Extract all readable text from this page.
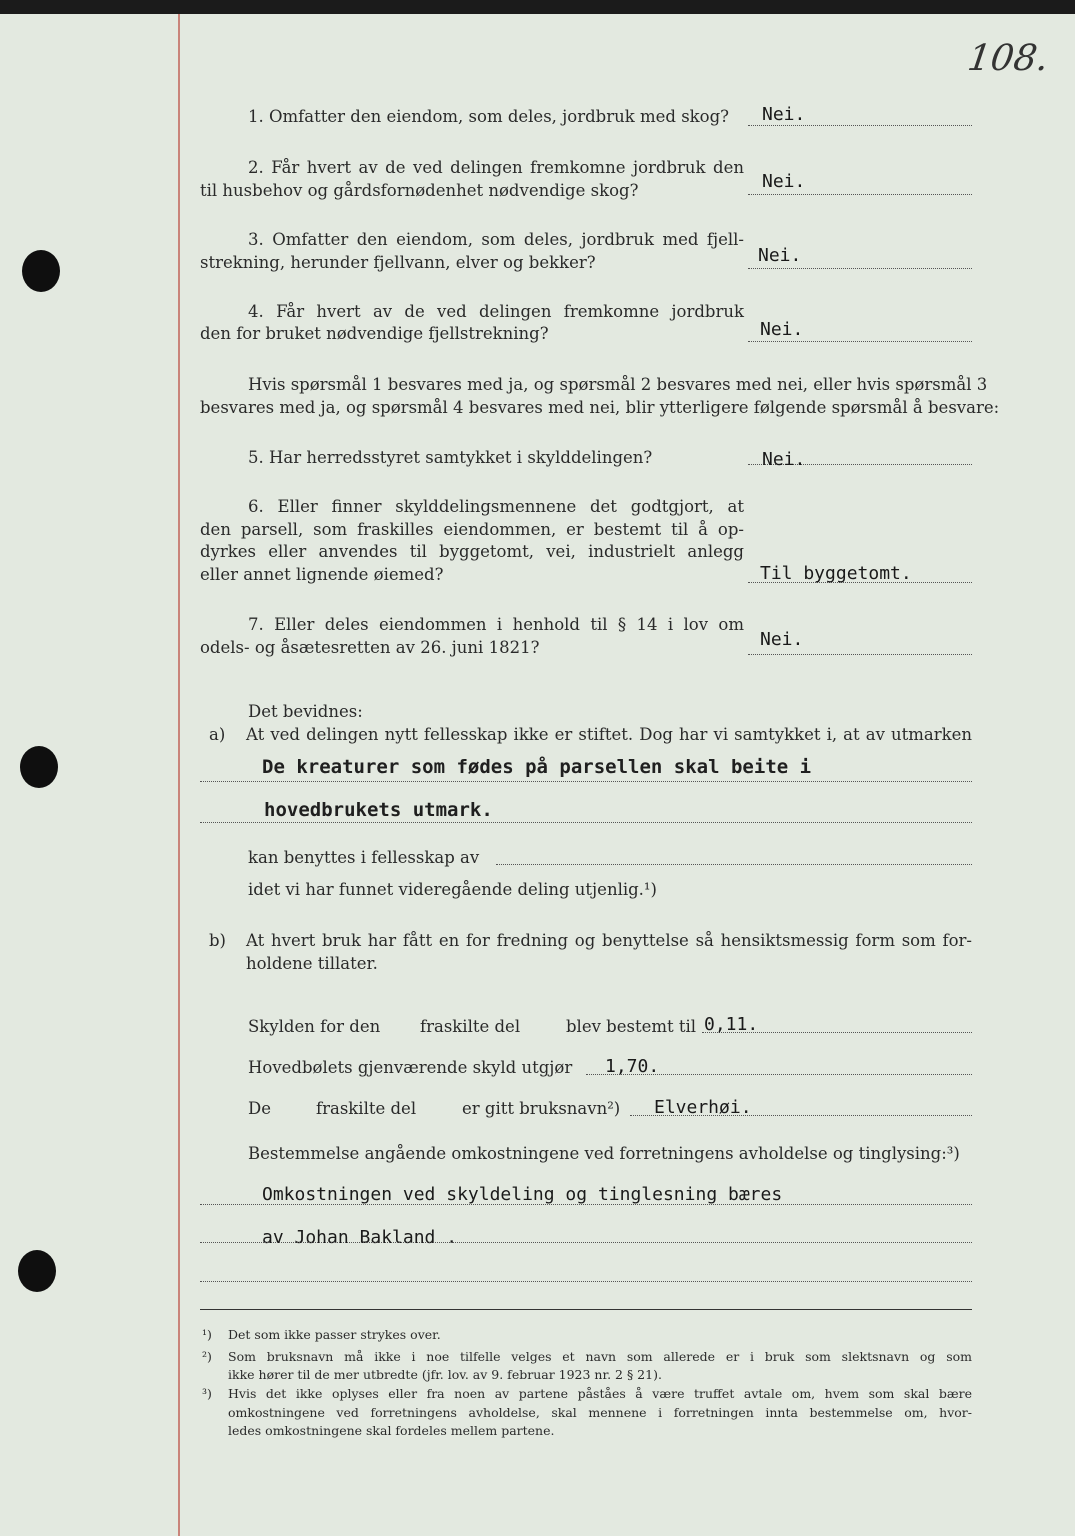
108.
1. Omfatter den eiendom, som deles, jordbruk med skog? Nei.
2. Får hvert av de ved delingen fremkomne jordbruk den
til husbehov og gårdsfornødenhet nødvendige skog?	Nei.
3. Omfatter den eiendom, som deles, jordbruk med fjell-
strekning, herunder fjellvann, elver og bekker?	Nei.
4. Får hvert av de ved delingen fremkomne jordbruk
den for bruket nødvendige fjellstrekning?	Nei.
Hvis spørsmål 1 besvares med ja, og spørsmål 2 besvares med nei, eller hvis spørsmål 3
besvares med ja, og spørsmål 4 besvares med nei, blir ytterligere følgende spørsmål å besvare:
5. Har herredsstyret samtykket i skylddelingen?	Nei.
6. Eller finner skylddelingsmennene det godtgjort, at
den parsell, som fraskilles eiendommen, er bestemt til å op-
dyrkes eller anvendes til byggetomt, vei, industrielt anlegg
eller annet lignende øiemed?	Til byggetomt.
7. Eller deles eiendommen i henhold til § 14 i lov om
odels- og åsætesretten av 26. juni 1821?	Nei.
Det bevidnes:
a) At ved delingen nytt fellesskap ikke er stiftet. Dog har vi samtykket i, at av utmarken
De kreaturer som fødes på parsellen skal beite i
hovedbrukets utmark.
kan benyttes i fellesskap av
idet vi har funnet videregående deling utjenlig.¹)
b) At hvert bruk har fått en for fredning og benyttelse så hensiktsmessig form som for-
holdene tillater.
Skylden for den fraskilte del	blev bestemt til 0,11.
Hovedbølets gjenværende skyld utgjør 1,70.
De	fraskilte del	er gitt bruksnavn²) Elverhøi.
Bestemmelse angående omkostningene ved forretningens avholdelse og tinglysing:³)
Omkostningen ved skyldeling og tinglesning bæres
av Johan Bakland .
¹) Det som ikke passer strykes over.
²) Som bruksnavn må ikke i noe tilfelle velges et navn som allerede er i bruk som slektsnavn og som
ikke hører til de mer utbredte (jfr. lov. av 9. februar 1923 nr. 2 § 21).
³) Hvis det ikke oplyses eller fra noen av partene påståes å være truffet avtale om, hvem som skal bære
omkostningene ved forretningens avholdelse, skal mennene i forretningen innta bestemmelse om, hvor-
ledes omkostningene skal fordeles mellem partene.
